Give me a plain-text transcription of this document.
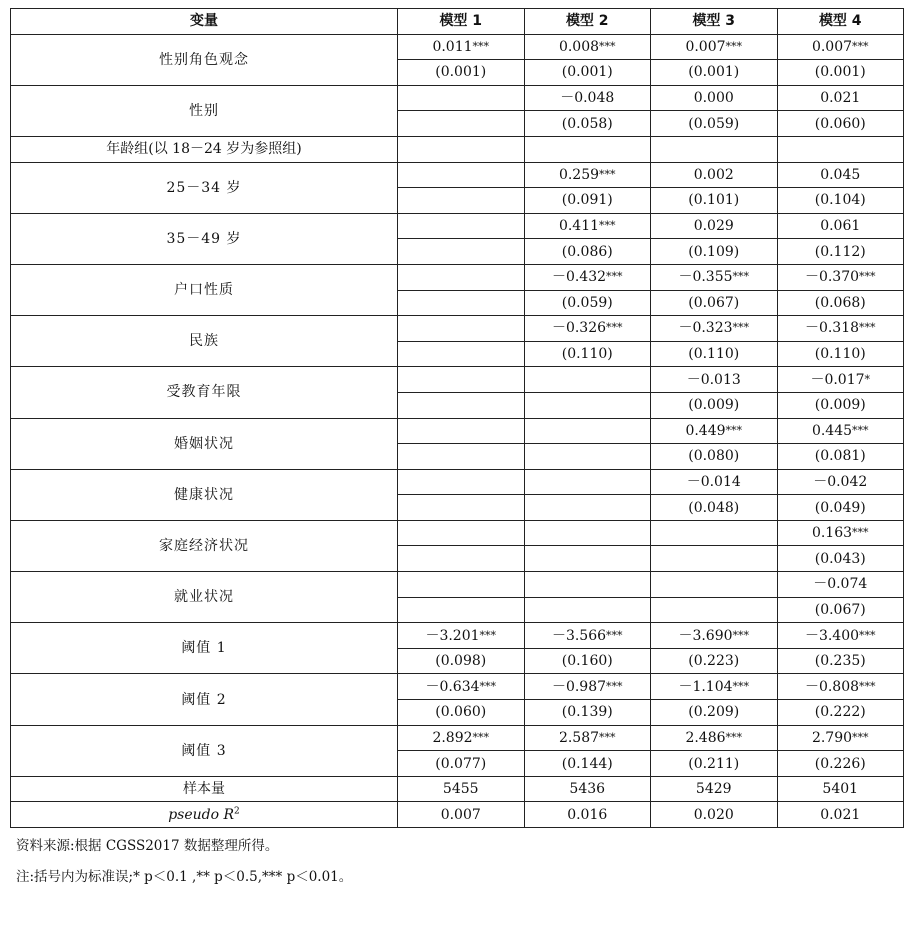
变量	模型 1	模型 2	模型 3	模型 4
性别角色观念	0.011***	0.008***	0.007***	0.007***
	(0.001)	(0.001)	(0.001)	(0.001)
性别		－0.048	0.000	0.021
		(0.058)	(0.059)	(0.060)
年龄组(以 18－24 岁为参照组)				
25－34 岁		0.259***	0.002	0.045
		(0.091)	(0.101)	(0.104)
35－49 岁		0.411***	0.029	0.061
		(0.086)	(0.109)	(0.112)
户口性质		－0.432***	－0.355***	－0.370***
		(0.059)	(0.067)	(0.068)
民族		－0.326***	－0.323***	－0.318***
		(0.110)	(0.110)	(0.110)
受教育年限			－0.013	－0.017*
			(0.009)	(0.009)
婚姻状况			0.449***	0.445***
			(0.080)	(0.081)
健康状况			－0.014	－0.042
			(0.048)	(0.049)
家庭经济状况				0.163***
				(0.043)
就业状况				－0.074
				(0.067)
阈值 1	－3.201***	－3.566***	－3.690***	－3.400***
	(0.098)	(0.160)	(0.223)	(0.235)
阈值 2	－0.634***	－0.987***	－1.104***	－0.808***
	(0.060)	(0.139)	(0.209)	(0.222)
阈值 3	2.892***	2.587***	2.486***	2.790***
	(0.077)	(0.144)	(0.211)	(0.226)
样本量	5455	5436	5429	5401
pseudo $R^2$	0.007	0.016	0.020	0.021

资料来源:根据 CGSS2017 数据整理所得。

注:括号内为标准误;* p＜0.1 ,** p＜0.5,*** p＜0.01。
